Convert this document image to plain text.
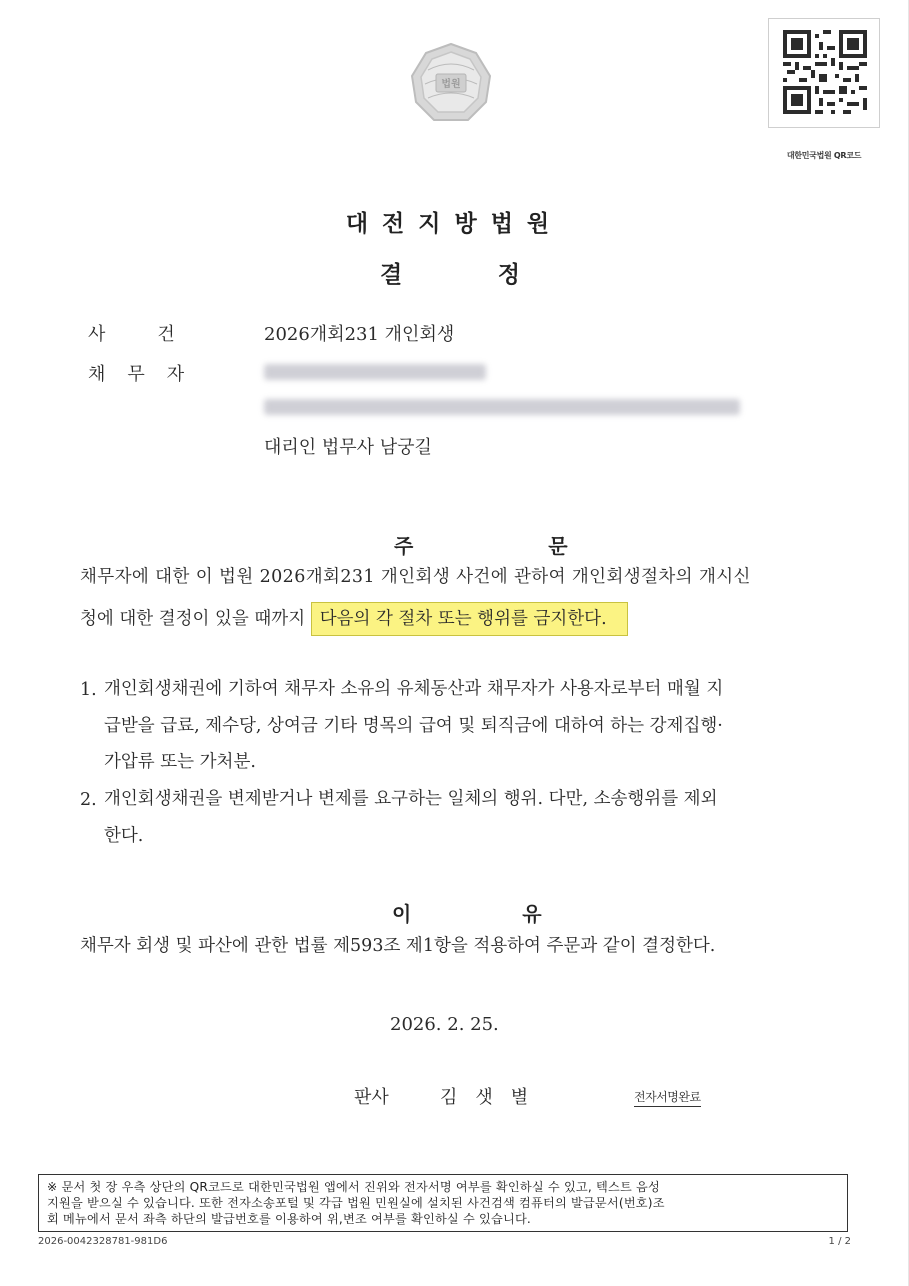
법원
대한민국법원 QR코드
대전지방법원
결	정
사건 2026개회231 개인회생
채무자
대리인 법무사 남궁길
주 문
채무자에 대한 이 법원 2026개회231 개인회생 사건에 관하여 개인회생절차의 개시신
청에 대한 결정이 있을 때까지 다음의 각 절차 또는 행위를 금지한다.
1. 개인회생채권에 기하여 채무자 소유의 유체동산과 채무자가 사용자로부터 매월 지
급받을 급료, 제수당, 상여금 기타 명목의 급여 및 퇴직금에 대하여 하는 강제집행·
가압류 또는 가처분.
2. 개인회생채권을 변제받거나 변제를 요구하는 일체의 행위. 다만, 소송행위를 제외
한다.
이 유
채무자 회생 및 파산에 관한 법률 제593조 제1항을 적용하여 주문과 같이 결정한다.
2026. 2. 25.
판사	김샛별	전자서명완료
※ 문서 첫 장 우측 상단의 QR코드로 대한민국법원 앱에서 진위와 전자서명 여부를 확인하실 수 있고, 텍스트 음성
지원을 받으실 수 있습니다. 또한 전자소송포털 및 각급 법원 민원실에 설치된 사건검색 컴퓨터의 발급문서(번호)조
회 메뉴에서 문서 좌측 하단의 발급번호를 이용하여 위,변조 여부를 확인하실 수 있습니다.
2026-0042328781-981D6	1 / 2
